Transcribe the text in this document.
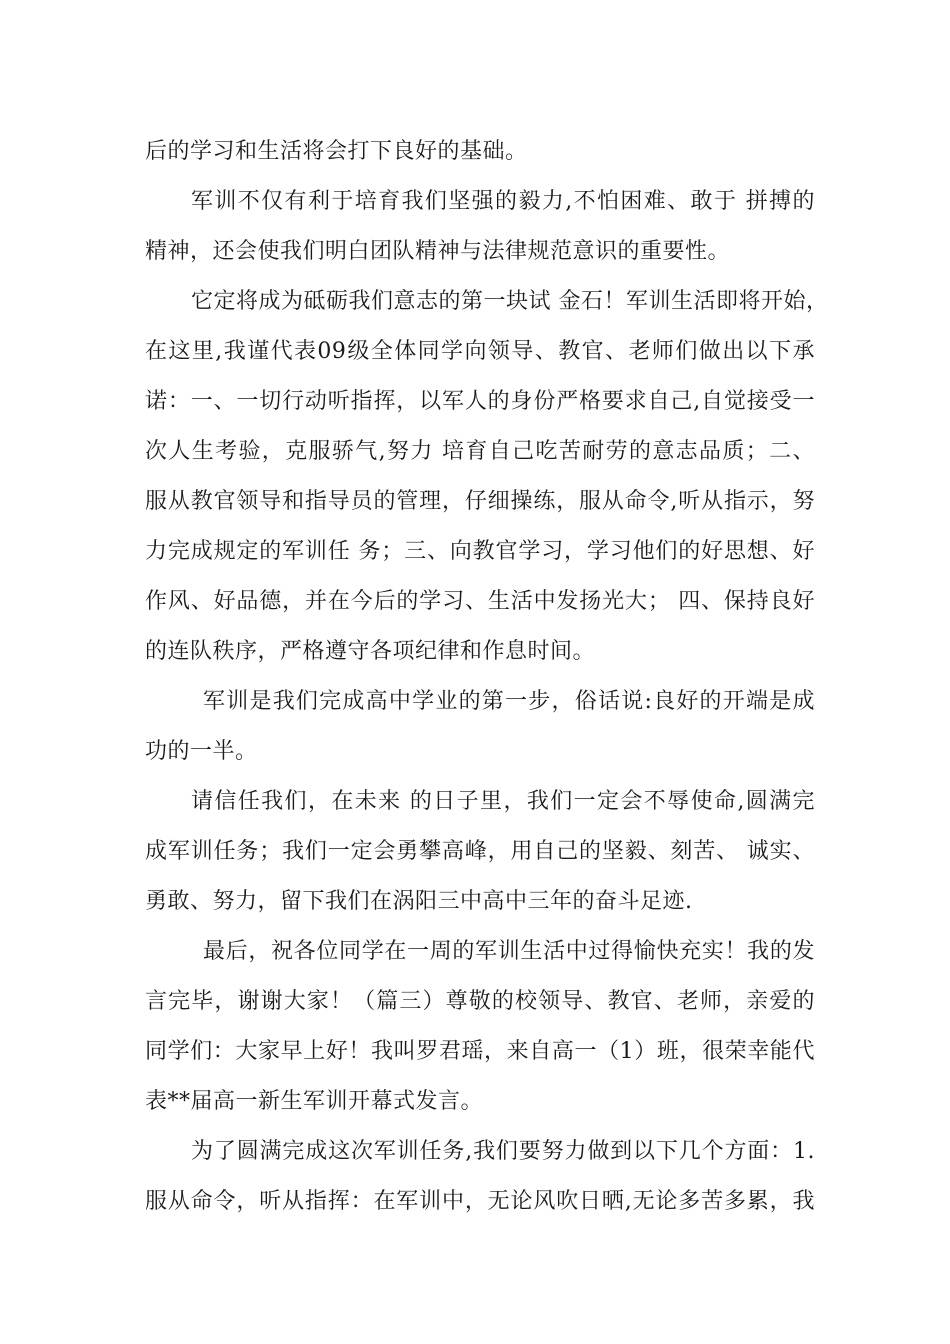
后的学习和生活将会打下良好的基础。
军训不仅有利于培育我们坚强的毅力,不怕困难、敢于 拼搏的
精神，还会使我们明白团队精神与法律规范意识的重要性。
它定将成为砥砺我们意志的第一块试 金石！军训生活即将开始，
在这里,我谨代表09级全体同学向领导、教官、老师们做出以下承
诺：一、一切行动听指挥，以军人的身份严格要求自己,自觉接受一
次人生考验，克服骄气,努力 培育自己吃苦耐劳的意志品质；二、
服从教官领导和指导员的管理，仔细操练，服从命令,听从指示，努
力完成规定的军训任 务；三、向教官学习，学习他们的好思想、好
作风、好品德，并在今后的学习、生活中发扬光大； 四、保持良好
的连队秩序，严格遵守各项纪律和作息时间。
军训是我们完成高中学业的第一步，俗话说:良好的开端是成
功的一半。
请信任我们，在未来 的日子里，我们一定会不辱使命,圆满完
成军训任务；我们一定会勇攀高峰，用自己的坚毅、刻苦、 诚实、
勇敢、努力，留下我们在涡阳三中高中三年的奋斗足迹.
最后，祝各位同学在一周的军训生活中过得愉快充实！我的发
言完毕，谢谢大家！（篇三）尊敬的校领导、教官、老师，亲爱的
同学们：大家早上好！我叫罗君瑶，来自高一（1）班，很荣幸能代
表**届高一新生军训开幕式发言。
为了圆满完成这次军训任务,我们要努力做到以下几个方面：1.
服从命令，听从指挥：在军训中，无论风吹日晒,无论多苦多累，我
